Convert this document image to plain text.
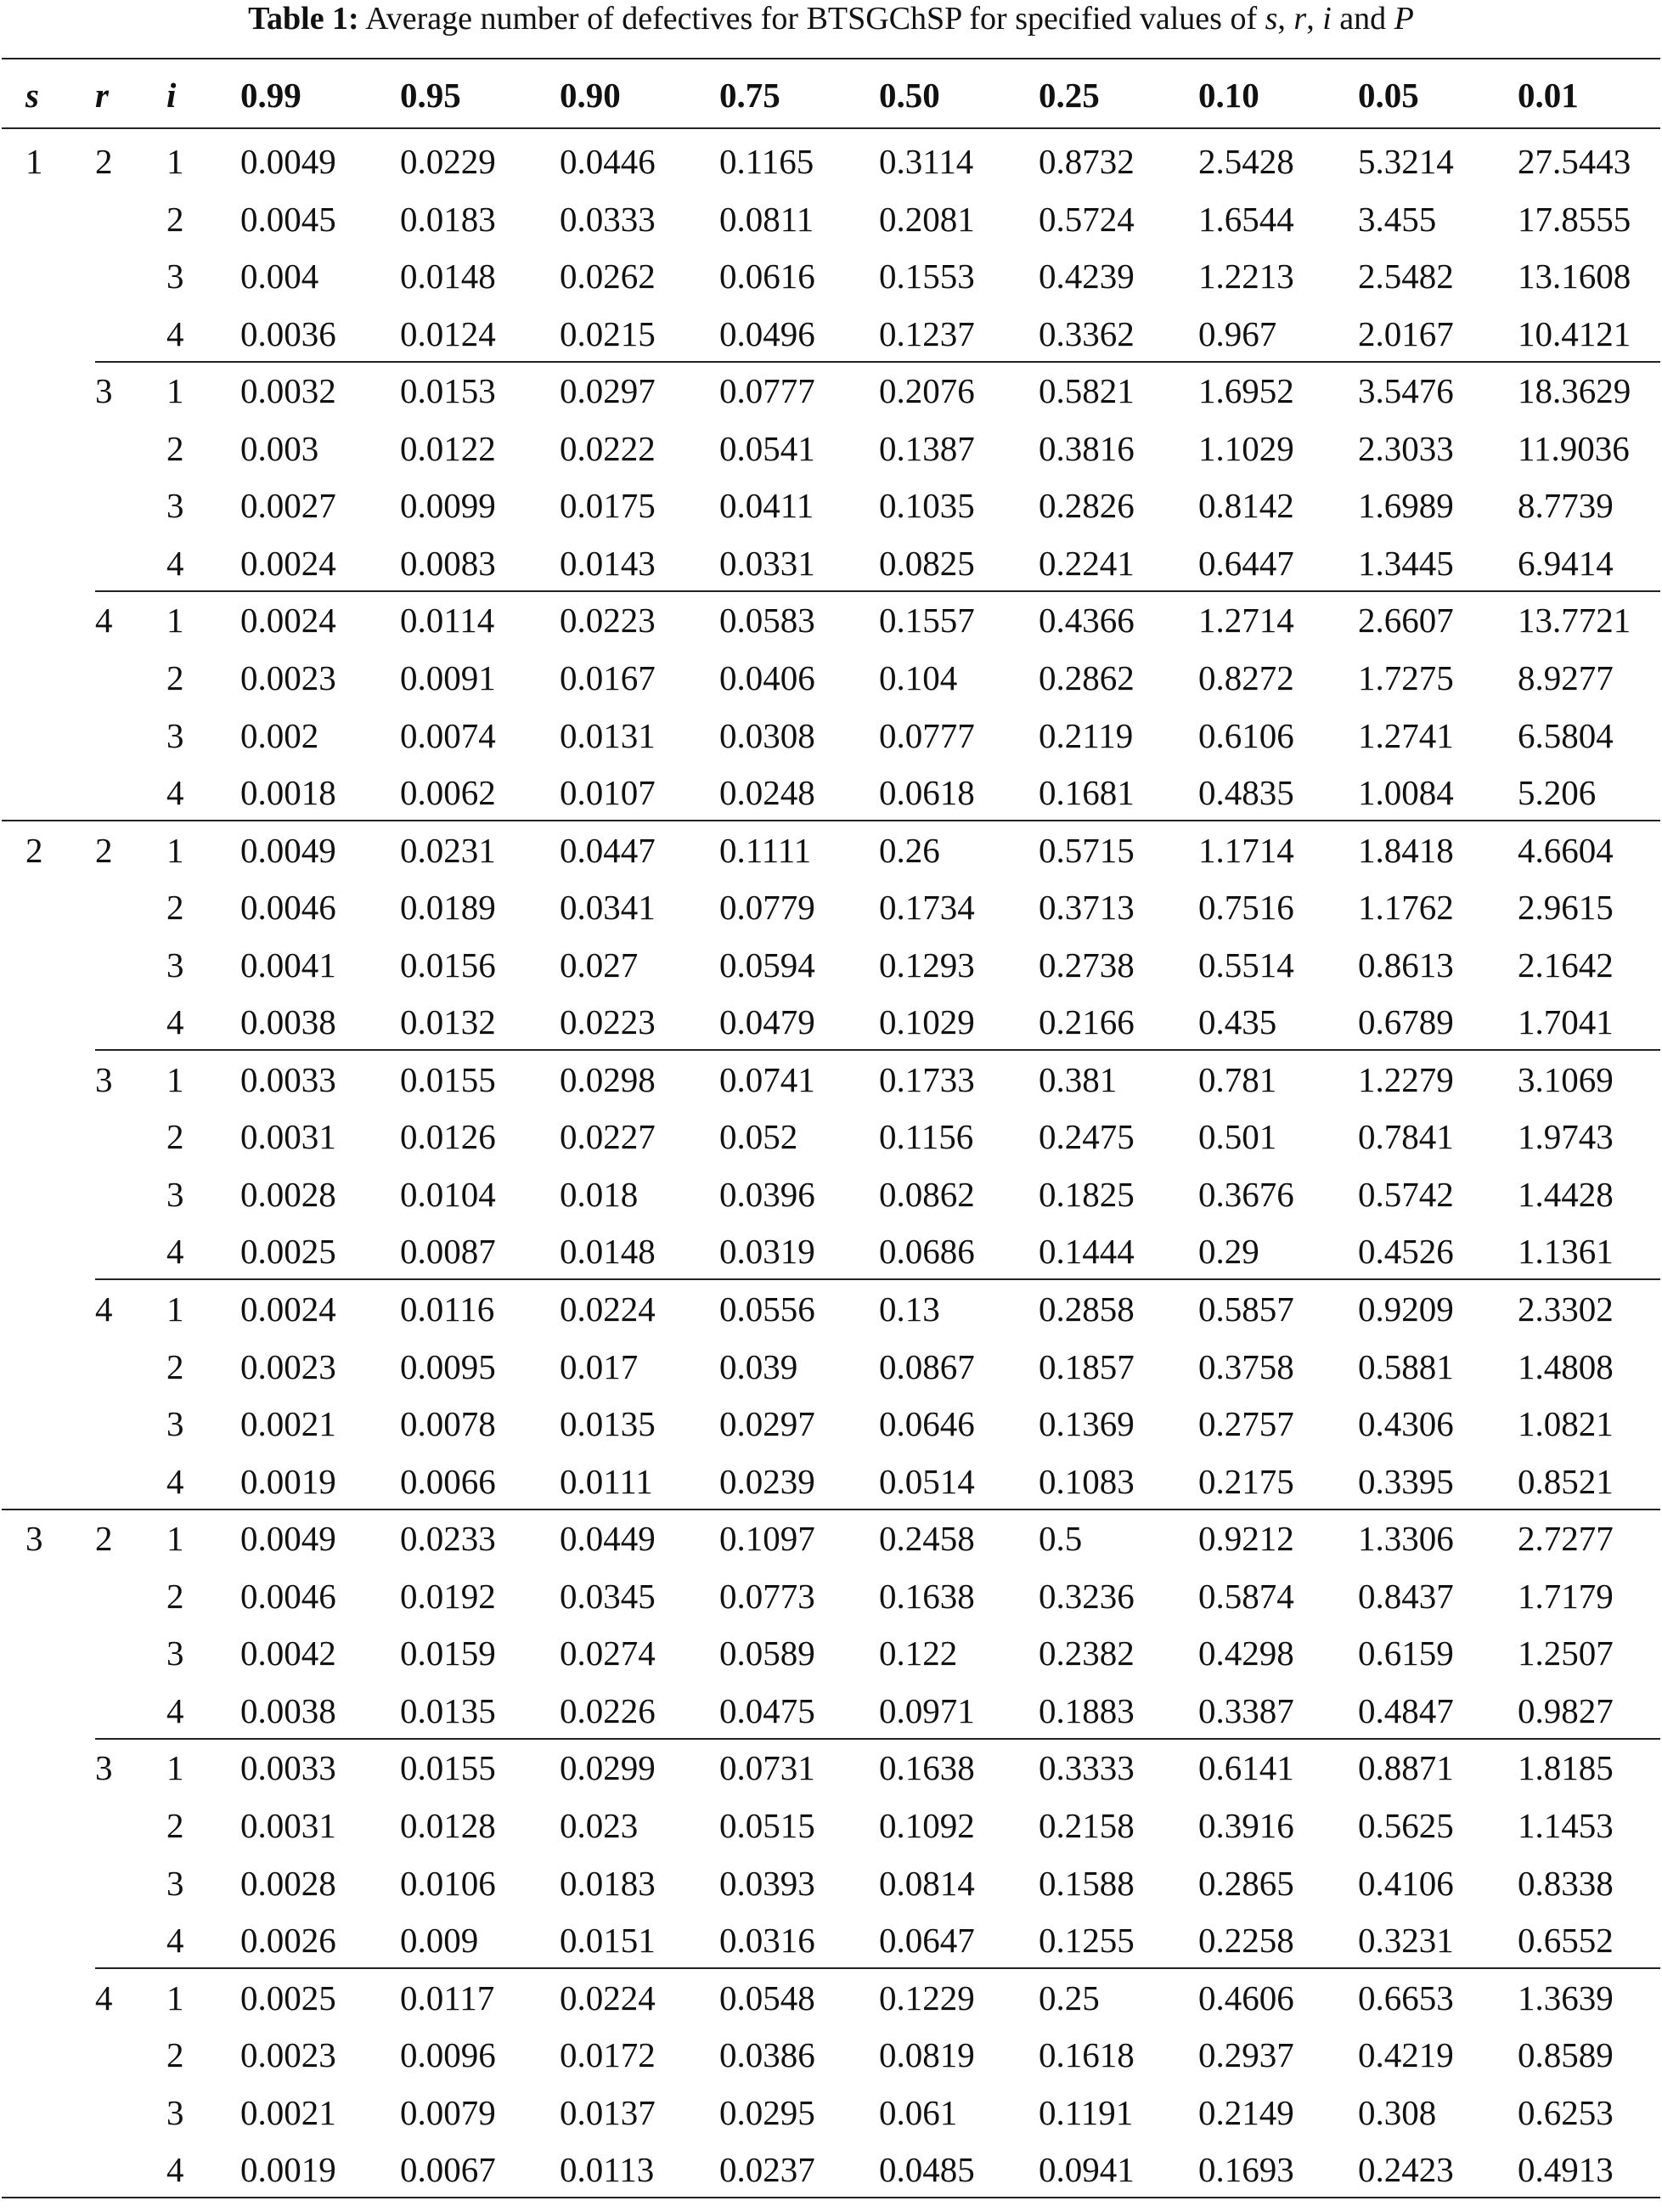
Table 1: Average number of defectives for BTSGChSP for specified values of s, r, i and P
s r i 0.99	0.95	0.90	0.75	0.50	0.25	0.10	0.05	0.01
1 2 1 0.0049 0.0229 0.0446 0.1165 0.3114 0.8732 2.5428 5.3214 27.5443
2 0.0045 0.0183 0.0333 0.0811 0.2081 0.5724 1.6544 3.455 17.8555
3 0.004 0.0148 0.0262 0.0616 0.1553 0.4239 1.2213 2.5482 13.1608
4 0.0036 0.0124 0.0215 0.0496 0.1237 0.3362 0.967 2.0167 10.4121
3 1 0.0032 0.0153 0.0297 0.0777 0.2076 0.5821 1.6952 3.5476 18.3629
2 0.003 0.0122 0.0222 0.0541 0.1387 0.3816 1.1029 2.3033 11.9036
3 0.0027 0.0099 0.0175 0.0411 0.1035 0.2826 0.8142 1.6989 8.7739
4 0.0024 0.0083 0.0143 0.0331 0.0825 0.2241 0.6447 1.3445 6.9414
4 1 0.0024 0.0114 0.0223 0.0583 0.1557 0.4366 1.2714 2.6607 13.7721
2 0.0023 0.0091 0.0167 0.0406 0.104 0.2862 0.8272 1.7275 8.9277
3 0.002 0.0074 0.0131 0.0308 0.0777 0.2119 0.6106 1.2741 6.5804
4 0.0018 0.0062 0.0107 0.0248 0.0618 0.1681 0.4835 1.0084 5.206
2 2 1 0.0049 0.0231 0.0447 0.1111 0.26	0.5715 1.1714 1.8418 4.6604
2 0.0046 0.0189 0.0341 0.0779 0.1734 0.3713 0.7516 1.1762 2.9615
3 0.0041 0.0156 0.027 0.0594 0.1293 0.2738 0.5514 0.8613 2.1642
4 0.0038 0.0132 0.0223 0.0479 0.1029 0.2166 0.435 0.6789 1.7041
3 1 0.0033 0.0155 0.0298 0.0741 0.1733 0.381 0.781 1.2279 3.1069
2 0.0031 0.0126 0.0227 0.052 0.1156 0.2475 0.501 0.7841 1.9743
3 0.0028 0.0104 0.018 0.0396 0.0862 0.1825 0.3676 0.5742 1.4428
4 0.0025 0.0087 0.0148 0.0319 0.0686 0.1444 0.29	0.4526 1.1361
4 1 0.0024 0.0116 0.0224 0.0556 0.13	0.2858 0.5857 0.9209 2.3302
2 0.0023 0.0095 0.017 0.039 0.0867 0.1857 0.3758 0.5881 1.4808
3 0.0021 0.0078 0.0135 0.0297 0.0646 0.1369 0.2757 0.4306 1.0821
4 0.0019 0.0066 0.0111 0.0239 0.0514 0.1083 0.2175 0.3395 0.8521
3 2 1 0.0049 0.0233 0.0449 0.1097 0.2458 0.5	0.9212 1.3306 2.7277
2 0.0046 0.0192 0.0345 0.0773 0.1638 0.3236 0.5874 0.8437 1.7179
3 0.0042 0.0159 0.0274 0.0589 0.122 0.2382 0.4298 0.6159 1.2507
4 0.0038 0.0135 0.0226 0.0475 0.0971 0.1883 0.3387 0.4847 0.9827
3 1 0.0033 0.0155 0.0299 0.0731 0.1638 0.3333 0.6141 0.8871 1.8185
2 0.0031 0.0128 0.023 0.0515 0.1092 0.2158 0.3916 0.5625 1.1453
3 0.0028 0.0106 0.0183 0.0393 0.0814 0.1588 0.2865 0.4106 0.8338
4 0.0026 0.009 0.0151 0.0316 0.0647 0.1255 0.2258 0.3231 0.6552
4 1 0.0025 0.0117 0.0224 0.0548 0.1229 0.25	0.4606 0.6653 1.3639
2 0.0023 0.0096 0.0172 0.0386 0.0819 0.1618 0.2937 0.4219 0.8589
3 0.0021 0.0079 0.0137 0.0295 0.061 0.1191 0.2149 0.308 0.6253
4 0.0019 0.0067 0.0113 0.0237 0.0485 0.0941 0.1693 0.2423 0.4913
